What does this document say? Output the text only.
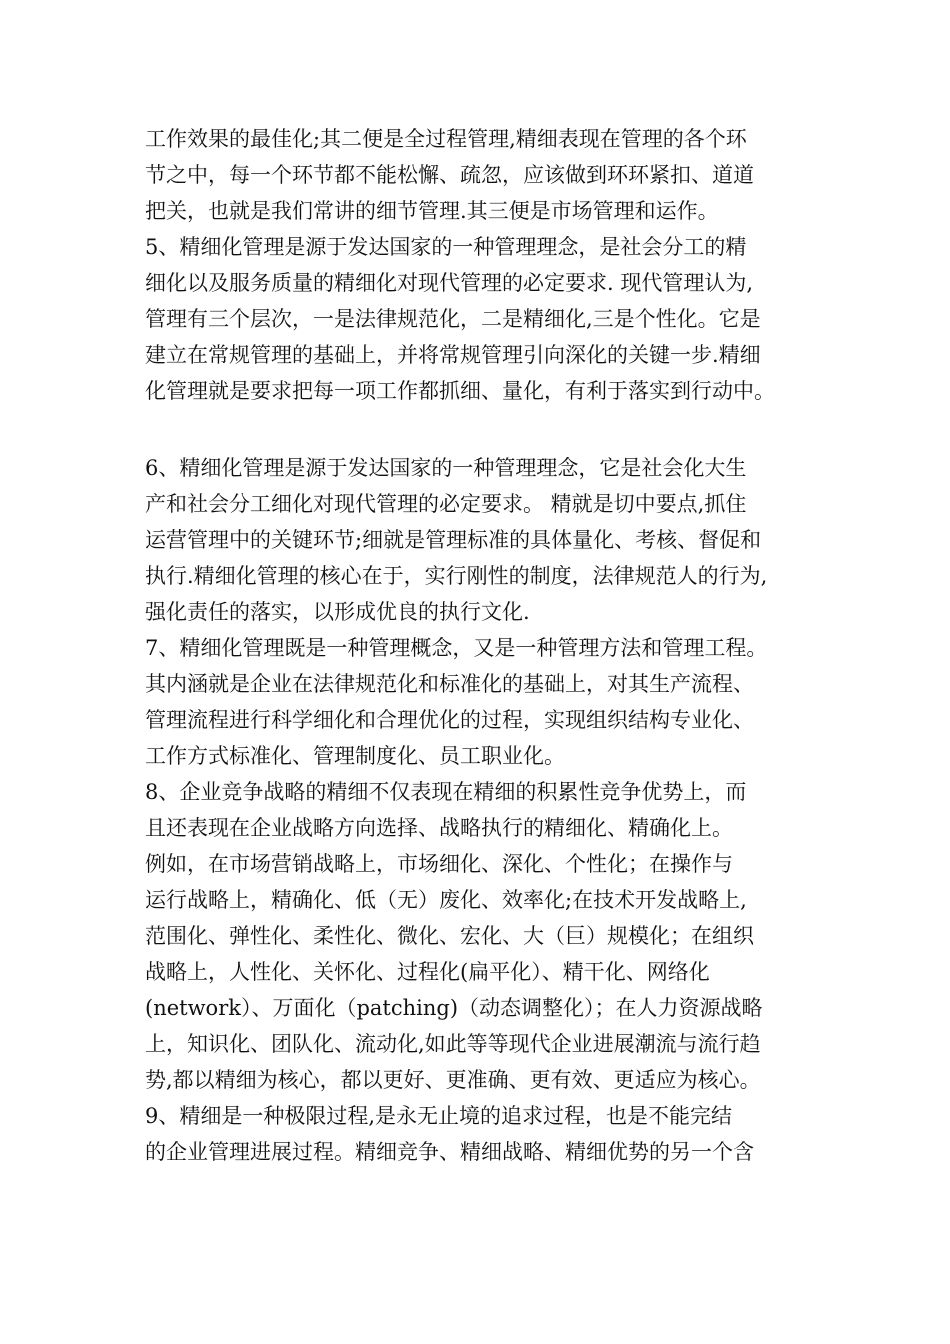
工作效果的最佳化;其二便是全过程管理,精细表现在管理的各个环
节之中，每一个环节都不能松懈、疏忽，应该做到环环紧扣、道道
把关，也就是我们常讲的细节管理.其三便是市场管理和运作。
5、精细化管理是源于发达国家的一种管理理念，是社会分工的精
细化以及服务质量的精细化对现代管理的必定要求. 现代管理认为,
管理有三个层次，一是法律规范化，二是精细化,三是个性化。它是
建立在常规管理的基础上，并将常规管理引向深化的关键一步.精细
化管理就是要求把每一项工作都抓细、量化，有利于落实到行动中。
6、精细化管理是源于发达国家的一种管理理念，它是社会化大生
产和社会分工细化对现代管理的必定要求。 精就是切中要点,抓住
运营管理中的关键环节;细就是管理标准的具体量化、考核、督促和
执行.精细化管理的核心在于，实行刚性的制度，法律规范人的行为,
强化责任的落实，以形成优良的执行文化.
7、精细化管理既是一种管理概念，又是一种管理方法和管理工程。
其内涵就是企业在法律规范化和标准化的基础上，对其生产流程、
管理流程进行科学细化和合理优化的过程，实现组织结构专业化、
工作方式标准化、管理制度化、员工职业化。
8、企业竞争战略的精细不仅表现在精细的积累性竞争优势上，而
且还表现在企业战略方向选择、战略执行的精细化、精确化上。
例如，在市场营销战略上，市场细化、深化、个性化；在操作与
运行战略上，精确化、低（无）废化、效率化;在技术开发战略上,
范围化、弹性化、柔性化、微化、宏化、大（巨）规模化；在组织
战略上，人性化、关怀化、过程化(扁平化）、精干化、网络化
(network）、万面化（patching)（动态调整化）；在人力资源战略
上，知识化、团队化、流动化,如此等等现代企业进展潮流与流行趋
势,都以精细为核心，都以更好、更准确、更有效、更适应为核心。
9、精细是一种极限过程,是永无止境的追求过程，也是不能完结
的企业管理进展过程。精细竞争、精细战略、精细优势的另一个含
